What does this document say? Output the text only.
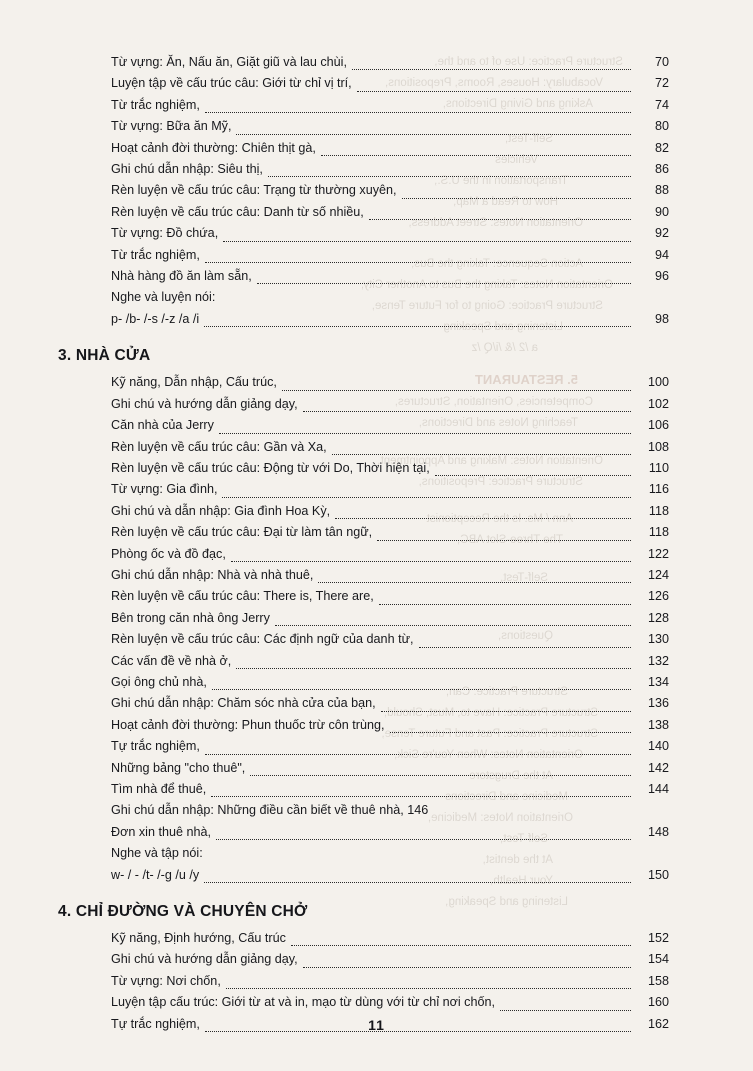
Structure Practice: Use of to and the,
Vocabulary: Houses, Rooms, Prepositions,
Asking and Giving Directions,
Self-Test,
Vehicles
Transportation in the U.S.,
How to Read a Map,
Orientation Notes: Street Address,
Action Sequence: Taking the Bus,
Orientation Notes: Taking the Bus to Another City,
Structure Practice: Going to for Future Tense,
Listening and Speaking
a /2 /& /i/Q /z
5. RESTAURANT
Competencies, Orientation, Structures,
Teaching Notes and Directions,
Orientation Notes: Making and Appointment,
Structure Practice: Prepositions,
Ann / Ms. Is the Receptionist
The Three-Slot ABC,
Self-Test,
Questions,
Structure Practice: Can,
Structure Practice: Have to, Must, Should,
Structure Practice: Past and Future Tense,
Orientation Notes: When You're Sick,
At the Drugstore
Medicine and Directions
Orientation Notes: Medicine,
Self-Test,
At the dentist,
Your Health,
Listening and Speaking,
Từ vựng: Ăn, Nấu ăn, Giặt giũ và lau chùi,	70
Luyện tập về cấu trúc câu: Giới từ chỉ vị trí,	72
Từ trắc nghiệm,	74
Từ vựng: Bữa ăn Mỹ,	80
Hoạt cảnh đời thường: Chiên thịt gà,	82
Ghi chú dẫn nhập: Siêu thị,	86
Rèn luyện về cấu trúc câu: Trạng từ thường xuyên,	88
Rèn luyện về cấu trúc câu: Danh từ số nhiều,	90
Từ vựng: Đồ chứa,	92
Từ trắc nghiệm,	94
Nhà hàng đồ ăn làm sẵn,	96
Nghe và luyện nói:
p- /b- /-s /-z /a /i	98
3. NHÀ CỬA
Kỹ năng, Dẫn nhập, Cấu trúc,	100
Ghi chú và hướng dẫn giảng dạy,	102
Căn nhà của Jerry	106
Rèn luyện về cấu trúc câu: Gần và Xa,	108
Rèn luyện về cấu trúc câu: Động từ với Do, Thời hiện tại,	110
Từ vựng: Gia đình,	116
Ghi chú và dẫn nhập: Gia đình Hoa Kỳ,	118
Rèn luyện về cấu trúc câu: Đại từ làm tân ngữ,	118
Phòng ốc và đồ đạc,	122
Ghi chú dẫn nhập: Nhà và nhà thuê,	124
Rèn luyện về cấu trúc câu: There is, There are,	126
Bên trong căn nhà ông Jerry	128
Rèn luyện về cấu trúc câu: Các định ngữ của danh từ,	130
Các vấn đề về nhà ở,	132
Gọi ông chủ nhà,	134
Ghi chú dẫn nhập: Chăm sóc nhà cửa của bạn,	136
Hoạt cảnh đời thường: Phun thuốc trừ côn trùng,	138
Tự trắc nghiệm,	140
Những bảng "cho thuê",	142
Tìm nhà để thuê,	144
Ghi chú dẫn nhập: Những điều cần biết về thuê nhà, 146
Đơn xin thuê nhà,	148
Nghe và tập nói:
w- / - /t- /-g /u /y	150
4. CHỈ ĐƯỜNG VÀ CHUYÊN CHỞ
Kỹ năng, Định hướng, Cấu trúc	152
Ghi chú và hướng dẫn giảng dạy,	154
Từ vựng: Nơi chốn,	158
Luyện tập cấu trúc: Giới từ at và in, mạo từ dùng với từ chỉ nơi chốn,	160
Tự trắc nghiệm,	162
11
